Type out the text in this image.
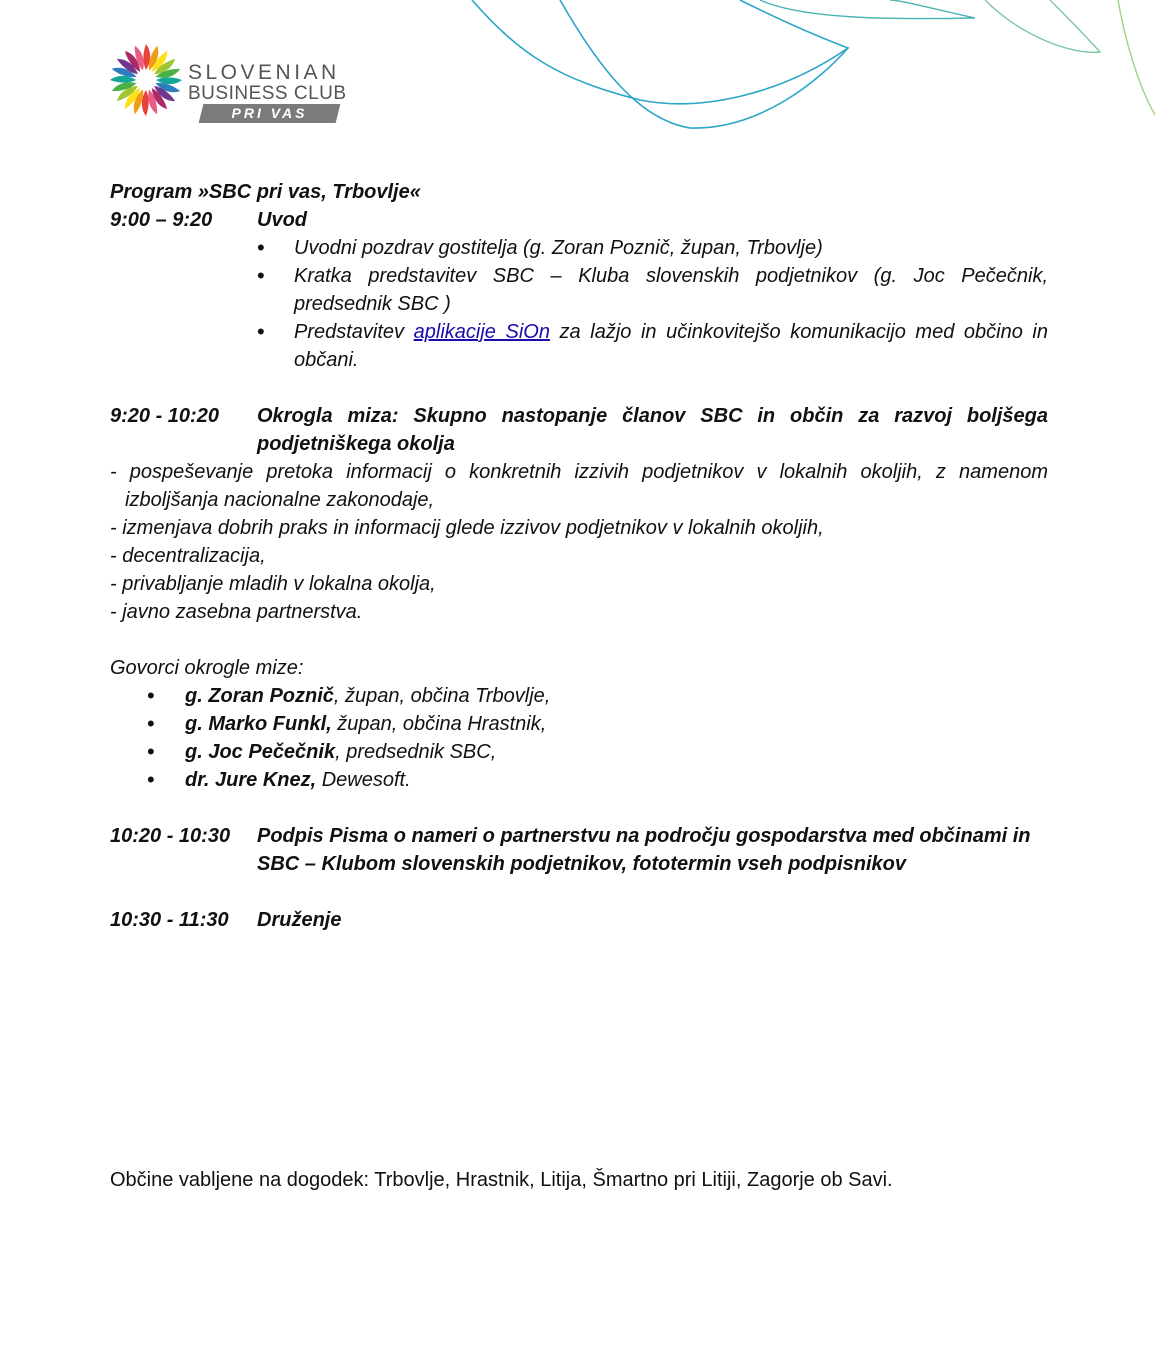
SLOVENIAN
BUSINESS CLUB
PRI VAS
Program »SBC pri vas, Trbovlje«
9:00 – 9:20	Uvod
• Uvodni pozdrav gostitelja (g. Zoran Poznič, župan, Trbovlje)
• Kratka predstavitev SBC – Kluba slovenskih podjetnikov (g. Joc Pečečnik, predsednik SBC )
• Predstavitev aplikacije SiOn za lažjo in učinkovitejšo komunikacijo med občino in občani.
9:20 - 10:20	Okrogla miza: Skupno nastopanje članov SBC in občin za razvoj boljšega podjetniškega okolja
- pospeševanje pretoka informacij o konkretnih izzivih podjetnikov v lokalnih okoljih, z namenom izboljšanja nacionalne zakonodaje,
- izmenjava dobrih praks in informacij glede izzivov podjetnikov v lokalnih okoljih,
- decentralizacija,
- privabljanje mladih v lokalna okolja,
- javno zasebna partnerstva.
Govorci okrogle mize:
• g. Zoran Poznič, župan, občina Trbovlje,
• g. Marko Funkl, župan, občina Hrastnik,
• g. Joc Pečečnik, predsednik SBC,
• dr. Jure Knez, Dewesoft.
10:20 - 10:30	Podpis Pisma o nameri o partnerstvu na področju gospodarstva med občinami in SBC – Klubom slovenskih podjetnikov, fototermin vseh podpisnikov
10:30 - 11:30	Druženje
Občine vabljene na dogodek: Trbovlje, Hrastnik, Litija, Šmartno pri Litiji, Zagorje ob Savi.
